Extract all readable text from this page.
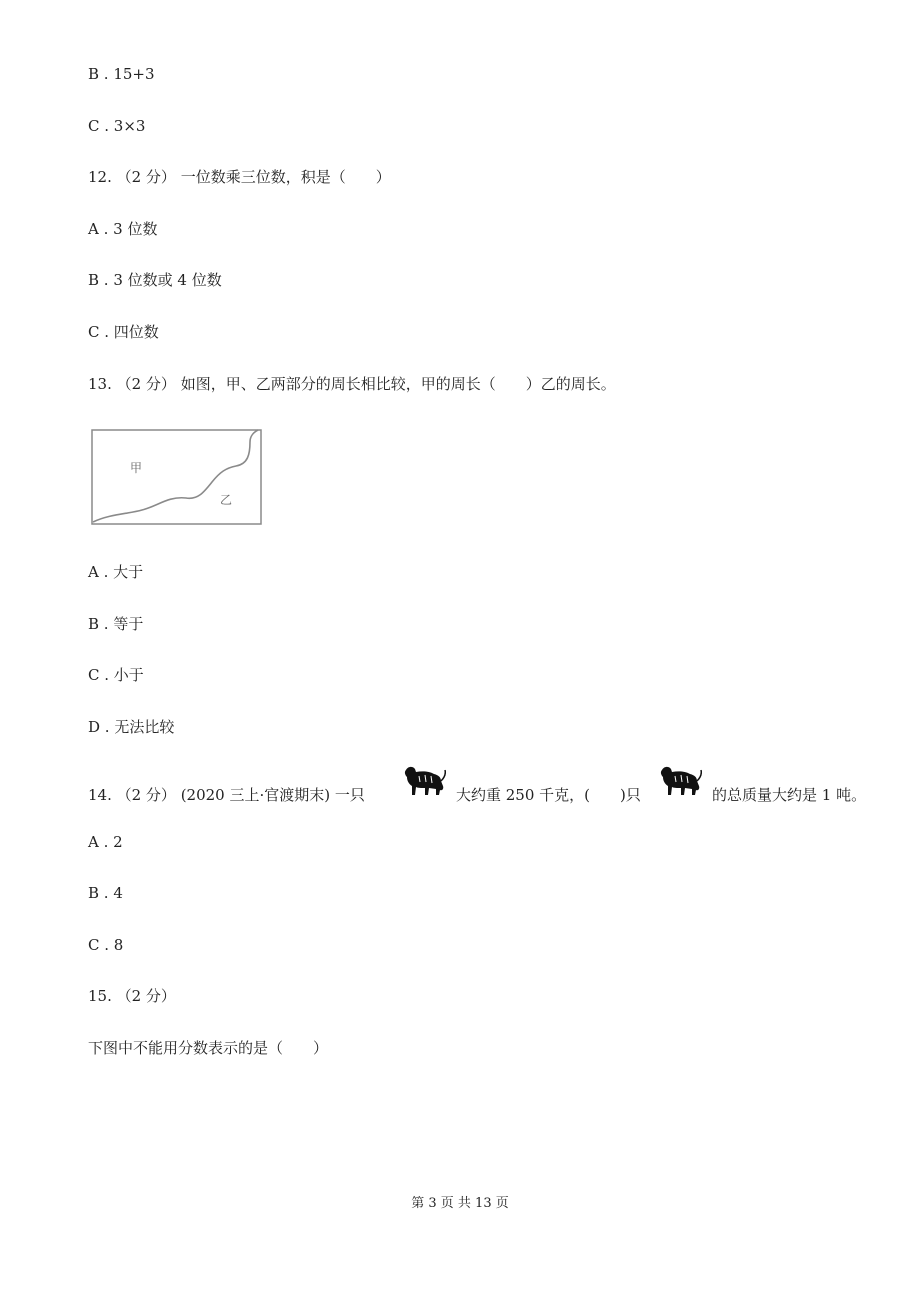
B . 15+3
C . 3×3
12. （2 分） 一位数乘三位数，积是（　　）
A . 3 位数
B . 3 位数或 4 位数
C . 四位数
13. （2 分） 如图，甲、乙两部分的周长相比较，甲的周长（　　）乙的周长。
甲
乙
A . 大于
B . 等于
C . 小于
D . 无法比较
14. （2 分） (2020 三上·官渡期末) 一只	大约重 250 千克，(　　)只	的总质量大约是 1 吨。
A . 2
B . 4
C . 8
15. （2 分）
下图中不能用分数表示的是（　　）
第 3 页 共 13 页
